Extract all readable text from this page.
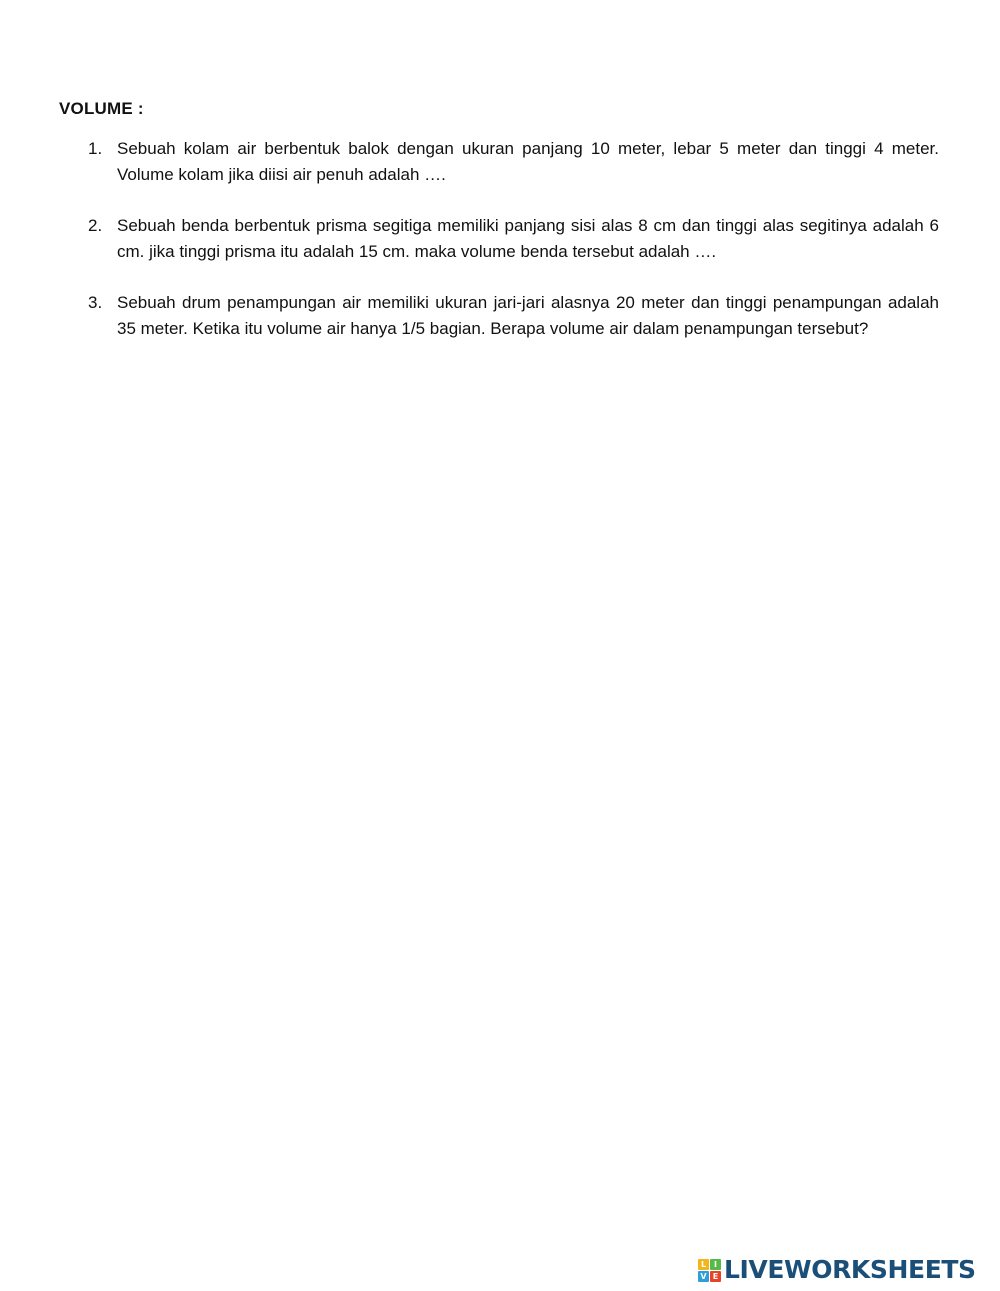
VOLUME :
1. Sebuah kolam air berbentuk balok dengan ukuran panjang 10 meter, lebar 5 meter dan tinggi 4 meter. Volume kolam jika diisi air penuh adalah ….
2. Sebuah benda berbentuk prisma segitiga memiliki panjang sisi alas 8 cm dan tinggi alas segitinya adalah 6 cm. jika tinggi prisma itu adalah 15 cm. maka volume benda tersebut adalah ….
3. Sebuah drum penampungan air memiliki ukuran jari-jari alasnya 20 meter dan tinggi penampungan adalah 35 meter. Ketika itu volume air hanya 1/5 bagian. Berapa volume air dalam penampungan tersebut?
L I
V E LIVEWORKSHEETS
